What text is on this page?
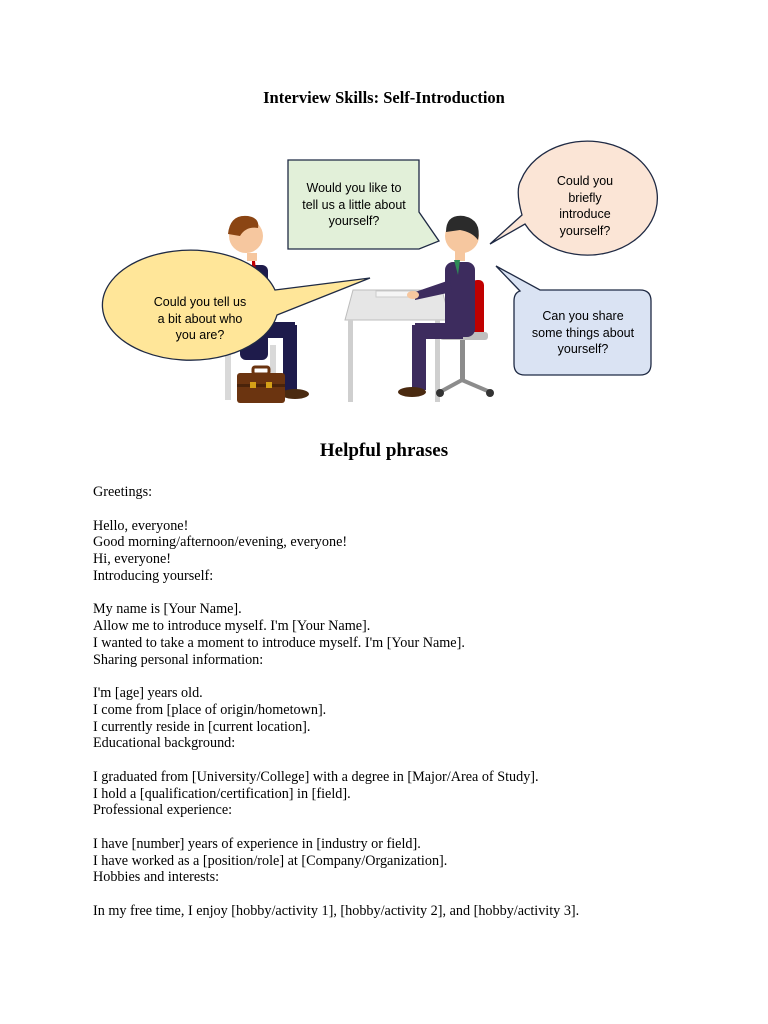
Interview Skills: Self-Introduction
Would you like to
tell us a little about
yourself?
Could you
briefly
introduce
yourself?
Could you tell us
a bit about who
you are?
Can you share
some things about
yourself?
Helpful phrases
Greetings:
Hello, everyone!
Good morning/afternoon/evening, everyone!
Hi, everyone!
Introducing yourself:
My name is [Your Name].
Allow me to introduce myself. I'm [Your Name].
I wanted to take a moment to introduce myself. I'm [Your Name].
Sharing personal information:
I'm [age] years old.
I come from [place of origin/hometown].
I currently reside in [current location].
Educational background:
I graduated from [University/College] with a degree in [Major/Area of Study].
I hold a [qualification/certification] in [field].
Professional experience:
I have [number] years of experience in [industry or field].
I have worked as a [position/role] at [Company/Organization].
Hobbies and interests:
In my free time, I enjoy [hobby/activity 1], [hobby/activity 2], and [hobby/activity 3].
